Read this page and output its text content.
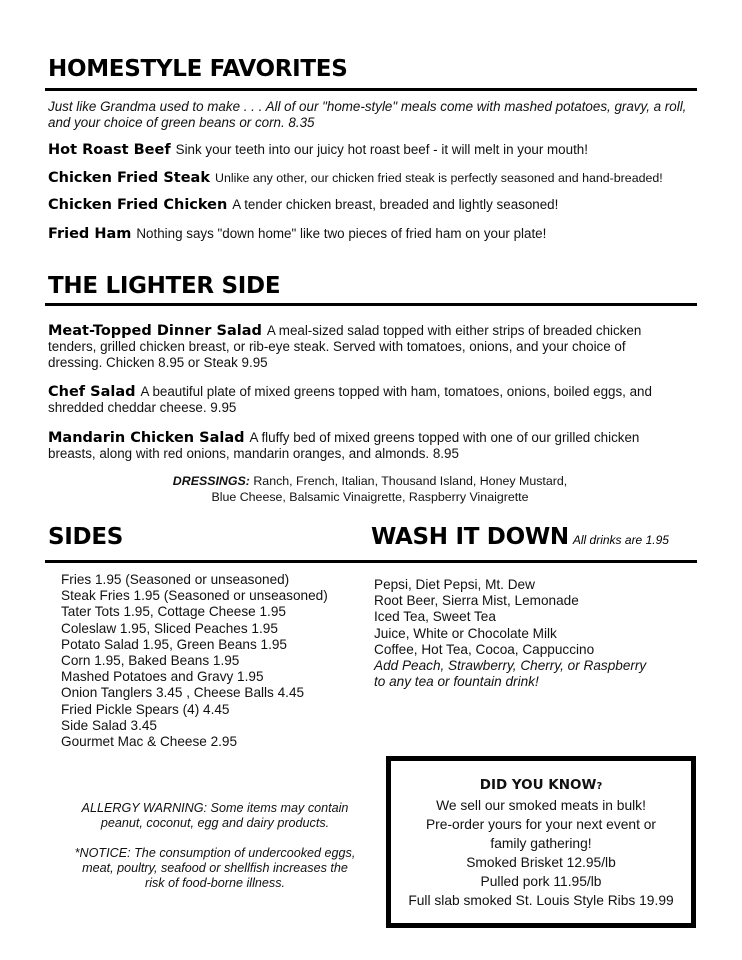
HOMESTYLE FAVORITES
Just like Grandma used to make . . . All of our "home-style" meals come with mashed potatoes, gravy, a roll, and your choice of green beans or corn. 8.35
Hot Roast Beef Sink your teeth into our juicy hot roast beef - it will melt in your mouth!
Chicken Fried Steak Unlike any other, our chicken fried steak is perfectly seasoned and hand-breaded!
Chicken Fried Chicken A tender chicken breast, breaded and lightly seasoned!
Fried Ham Nothing says "down home" like two pieces of fried ham on your plate!
THE LIGHTER SIDE
Meat-Topped Dinner Salad A meal-sized salad topped with either strips of breaded chicken tenders, grilled chicken breast, or rib-eye steak. Served with tomatoes, onions, and your choice of dressing. Chicken 8.95 or Steak 9.95
Chef Salad A beautiful plate of mixed greens topped with ham, tomatoes, onions, boiled eggs, and shredded cheddar cheese. 9.95
Mandarin Chicken Salad A fluffy bed of mixed greens topped with one of our grilled chicken breasts, along with red onions, mandarin oranges, and almonds. 8.95
DRESSINGS: Ranch, French, Italian, Thousand Island, Honey Mustard,
Blue Cheese, Balsamic Vinaigrette, Raspberry Vinaigrette
SIDES	WASH IT DOWN All drinks are 1.95
Fries 1.95 (Seasoned or unseasoned)
Steak Fries 1.95 (Seasoned or unseasoned)
Tater Tots 1.95, Cottage Cheese 1.95
Coleslaw 1.95, Sliced Peaches 1.95
Potato Salad 1.95, Green Beans 1.95
Corn 1.95, Baked Beans 1.95
Mashed Potatoes and Gravy 1.95
Onion Tanglers 3.45 , Cheese Balls 4.45
Fried Pickle Spears (4) 4.45
Side Salad 3.45
Gourmet Mac & Cheese 2.95
Pepsi, Diet Pepsi, Mt. Dew
Root Beer, Sierra Mist, Lemonade
Iced Tea, Sweet Tea
Juice, White or Chocolate Milk
Coffee, Hot Tea, Cocoa, Cappuccino
Add Peach, Strawberry, Cherry, or Raspberry
to any tea or fountain drink!
ALLERGY WARNING: Some items may contain
peanut, coconut, egg and dairy products.
*NOTICE: The consumption of undercooked eggs,
meat, poultry, seafood or shellfish increases the
risk of food-borne illness.
DID YOU KNOW?
We sell our smoked meats in bulk!
Pre-order yours for your next event or
family gathering!
Smoked Brisket 12.95/lb
Pulled pork 11.95/lb
Full slab smoked St. Louis Style Ribs 19.99
